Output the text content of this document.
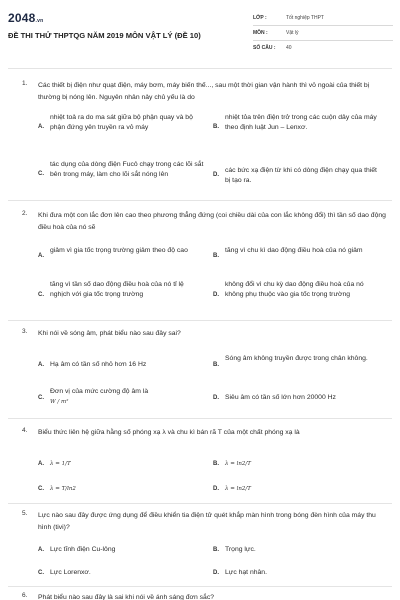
2048.vn
ĐỀ THI THỬ THPTQG NĂM 2019 MÔN VẬT LÝ (ĐỀ 10)
LỚP :	Tốt nghiệp THPT
MÔN :	Vật lý
SỐ CÂU : 40
1. Các thiết bị điện như quạt điện, máy bơm, máy biến thế..., sau một thời gian vận hành thì vỏ ngoài của thiết bị thường bị nóng lên. Nguyên nhân nảy chủ yếu là do
A.
nhiệt toả ra do ma sát giữa bộ phận quay và bộ phận đứng yên truyền ra vỏ máy	B.
nhiệt tỏa trên điện trở trong các cuộn dây của máy theo định luật Jun – Lenxơ.
C.
tác dụng của dòng điện Fucô chạy trong các lõi sắt bên trong máy, làm cho lõi sắt nóng lên	D.
các bức xạ điện từ khi có dòng điện chạy qua thiết bị tạo ra.
2. Khi đưa một con lắc đơn lên cao theo phương thẳng đứng (coi chiều dài của con lắc không đổi) thì tần số dao động điều hoà của nó sẽ
A.
giảm vì gia tốc trọng trường giảm theo độ cao
B.
tăng vì chu kì dao động điều hoà của nó giảm
C.
tăng vì tần số dao động điều hoà của nó tỉ lệ nghịch với gia tốc trọng trường	D.
không đổi vì chu kỳ dao động điều hoà của nó không phụ thuộc vào gia tốc trọng trường
3. Khi nói về sóng âm, phát biểu nào sau đây sai?
A. Hạ âm có tần số nhỏ hơn 16 Hz	B.
Sóng âm không truyền được trong chân không.
C.
Đơn vị của mức cường độ âm là
W / m²
D. Siêu âm có tần số lớn hơn 20000 Hz
4. Biểu thức liên hệ giữa hằng số phóng xạ λ và chu kì bán rã T của một chất phóng xạ là
A. λ = 1/T	B. λ = ln2/T
C. λ = T/ln2	D. λ = ln2/T
5. Lực nào sau đây được ứng dụng để điều khiển tia điện tử quét khắp màn hình trong bóng đèn hình của máy thu hình (tivi)?
A. Lực tĩnh điện Cu-lông	B. Trọng lực.
C. Lực Lorenxơ.	D. Lực hạt nhân.
6. Phát biểu nào sau đây là sai khi nói về ánh sáng đơn sắc?
